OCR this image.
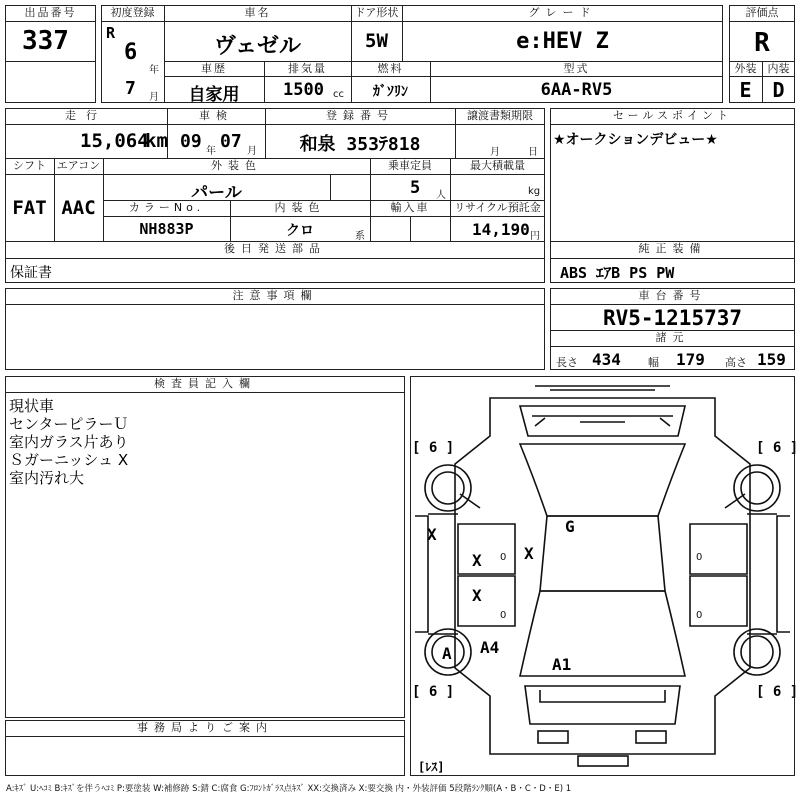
出品番号
337
初度登録
R
6
年
7 月
車名
ヴェゼル
ドア形状
5W
グレード
e:HEV Z
車歴
自家用
排気量
1500 cc
燃料
ｶﾞｿﾘﾝ
型式
6AA-RV5
評価点
R
外装	内装
E	D
走行
15,064
km
車検
09 年 07 月
登録番号
和泉 353ﾃ818
譲渡書類期限
月	日
シフト
FAT
エアコン
AAC
外装色
パール
乗車定員
5 人
最大積載量
kg
カラーNo.
NH883P
内装色
クロ	系
輸入車	リサイクル預託金
14,190 円
後日発送部品
保証書
セールスポイント
★オークションデビュー★
純正装備
ABS ｴｱB PS PW
注意事項欄	車台番号
RV5-1215737
諸元
長さ 434 幅 179 高さ 159
検査員記入欄
現状車
センターピラーＵ
室内ガラス片あり
Ｓガーニッシュ X
室内汚れ大
事務局よりご案内
[ 6 ]	[ 6 ]
[ 6 ]	[ 6 ]
[ﾚｽ]
X
X 0 X
X
0
A A4
G
A1
0
0
A:ｷｽﾞ U:ﾍｺﾐ B:ｷｽﾞを伴うﾍｺﾐ P:要塗装 W:補修跡 S:錆 C:腐食 G:ﾌﾛﾝﾄｶﾞﾗｽ点ｷｽﾞ XX:交換済み X:要交換 内・外装評価 5段階ﾗﾝｸ順(A・B・C・D・E) 1
